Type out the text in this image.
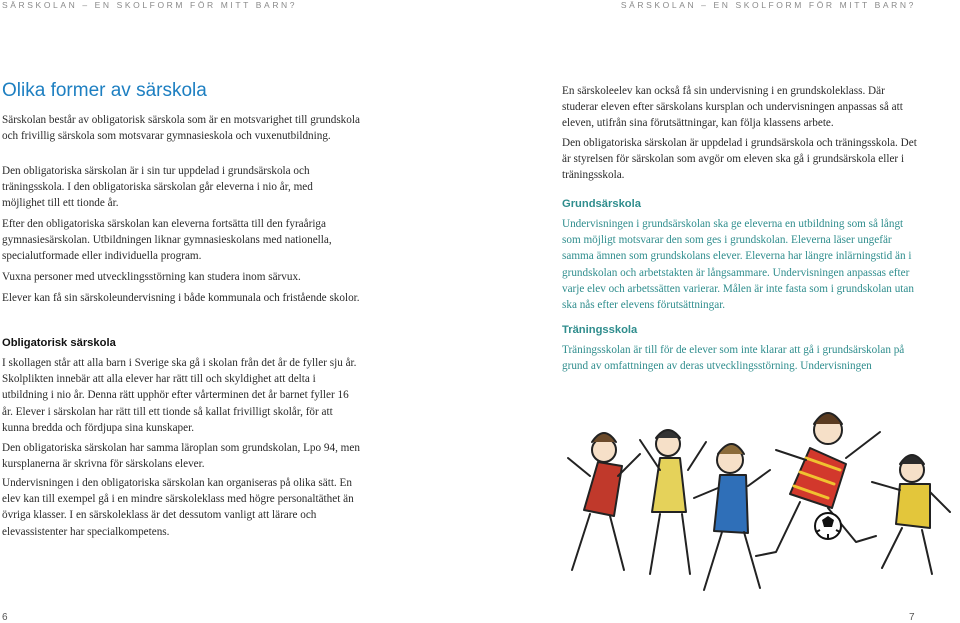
SÄRSKOLAN – EN SKOLFORM FÖR MITT BARN?	SÄRSKOLAN – EN SKOLFORM FÖR MITT BARN?
Olika former av särskola

Särskolan består av obligatorisk särskola som är en motsvarighet till grundskola och frivillig särskola som motsvarar gymnasieskola och vuxenutbildning.

Den obligatoriska särskolan är i sin tur uppdelad i grundsärskola och träningsskola. I den obligatoriska särskolan går eleverna i nio år, med möjlighet till ett tionde år.

Efter den obligatoriska särskolan kan eleverna fortsätta till den fyraåriga gymnasiesärskolan. Utbildningen liknar gymnasieskolans med nationella, specialutformade eller individuella program.

Vuxna personer med utvecklingsstörning kan studera inom särvux.

Elever kan få sin särskoleundervisning i både kommunala och fristående skolor.

Obligatorisk särskola

I skollagen står att alla barn i Sverige ska gå i skolan från det år de fyller sju år. Skolplikten innebär att alla elever har rätt till och skyldighet att delta i utbildning i nio år. Denna rätt upphör efter vårterminen det år barnet fyller 16 år. Elever i särskolan har rätt till ett tionde så kallat frivilligt skolår, för att kunna bredda och fördjupa sina kunskaper.

Den obligatoriska särskolan har samma läroplan som grundskolan, Lpo 94, men kursplanerna är skrivna för särskolans elever.

Undervisningen i den obligatoriska särskolan kan organiseras på olika sätt. En elev kan till exempel gå i en mindre särskoleklass med högre personaltäthet än övriga klasser. I en särskoleklass är det dessutom vanligt att lärare och elevassistenter har specialkompetens.

En särskoleelev kan också få sin undervisning i en grundskoleklass. Där studerar eleven efter särskolans kursplan och undervisningen anpassas så att eleven, utifrån sina förutsättningar, kan följa klassens arbete.

Den obligatoriska särskolan är uppdelad i grundsärskola och träningsskola. Det är styrelsen för särskolan som avgör om eleven ska gå i grundsärskola eller i träningsskola.

Grundsärskola

Undervisningen i grundsärskolan ska ge eleverna en utbildning som så långt som möjligt motsvarar den som ges i grundskolan. Eleverna läser ungefär samma ämnen som grundskolans elever. Eleverna har längre inlärningstid än i grundskolan och arbetstakten är långsammare. Undervisningen anpassas efter varje elev och arbetssätten varierar. Målen är inte fasta som i grundskolan utan ska nås efter elevens förutsättningar.

Träningsskola

Träningsskolan är till för de elever som inte klarar att gå i grundsärskolan på grund av omfattningen av deras utvecklingsstörning. Undervisningen

6	7
